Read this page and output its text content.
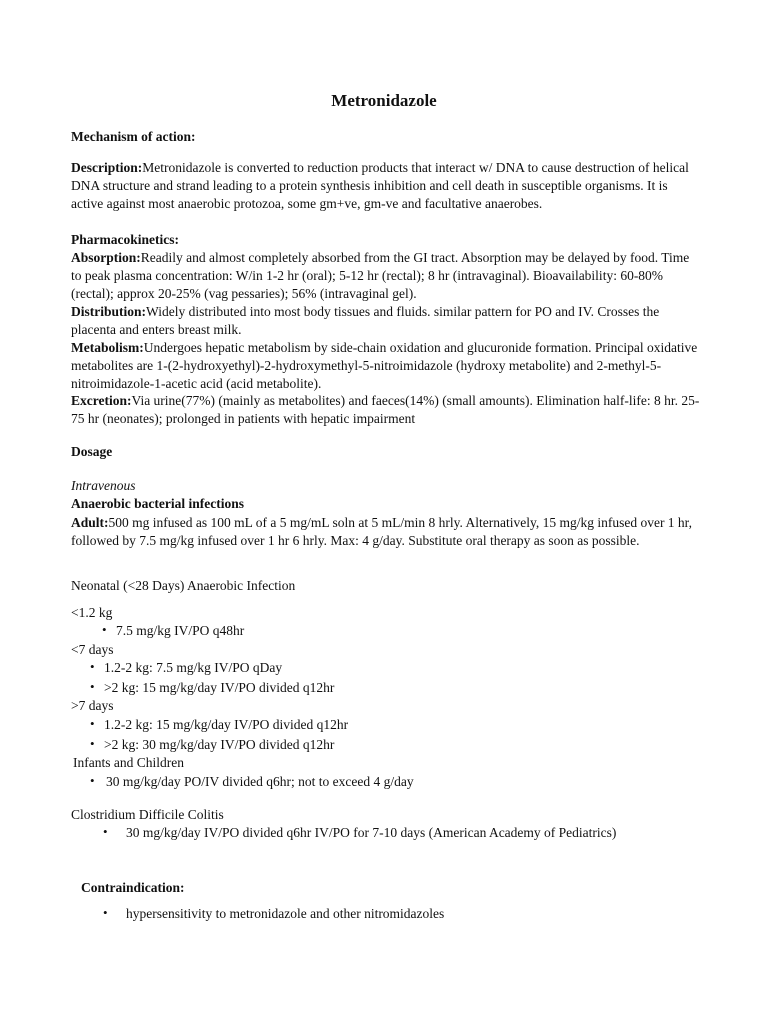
Metronidazole
Mechanism of action:
Description:Metronidazole is converted to reduction products that interact w/ DNA to cause destruction of helical DNA structure and strand leading to a protein synthesis inhibition and cell death in susceptible organisms. It is active against most anaerobic protozoa, some gm+ve, gm-ve and facultative anaerobes.
Pharmacokinetics:
Absorption:Readily and almost completely absorbed from the GI tract. Absorption may be delayed by food. Time to peak plasma concentration: W/in 1-2 hr (oral); 5-12 hr (rectal); 8 hr (intravaginal). Bioavailability: 60-80% (rectal); approx 20-25% (vag pessaries); 56% (intravaginal gel).
Distribution:Widely distributed into most body tissues and fluids. similar pattern for PO and IV. Crosses the placenta and enters breast milk.
Metabolism:Undergoes hepatic metabolism by side-chain oxidation and glucuronide formation. Principal oxidative metabolites are 1-(2-hydroxyethyl)-2-hydroxymethyl-5-nitroimidazole (hydroxy metabolite) and 2-methyl-5-nitroimidazole-1-acetic acid (acid metabolite).
Excretion:Via urine(77%) (mainly as metabolites) and faeces(14%) (small amounts). Elimination half-life: 8 hr. 25-75 hr (neonates); prolonged in patients with hepatic impairment
Dosage
Intravenous
Anaerobic bacterial infections
Adult:500 mg infused as 100 mL of a 5 mg/mL soln at 5 mL/min 8 hrly. Alternatively, 15 mg/kg infused over 1 hr, followed by 7.5 mg/kg infused over 1 hr 6 hrly. Max: 4 g/day. Substitute oral therapy as soon as possible.
Neonatal (<28 Days) Anaerobic Infection
<1.2 kg
• 7.5 mg/kg IV/PO q48hr
<7 days
• 1.2-2 kg: 7.5 mg/kg IV/PO qDay
• >2 kg: 15 mg/kg/day IV/PO divided q12hr
>7 days
• 1.2-2 kg: 15 mg/kg/day IV/PO divided q12hr
• >2 kg: 30 mg/kg/day IV/PO divided q12hr
Infants and Children
• 30 mg/kg/day PO/IV divided q6hr; not to exceed 4 g/day
Clostridium Difficile Colitis
• 30 mg/kg/day IV/PO divided q6hr IV/PO for 7-10 days (American Academy of Pediatrics)
Contraindication:
• hypersensitivity to metronidazole and other nitromidazoles
